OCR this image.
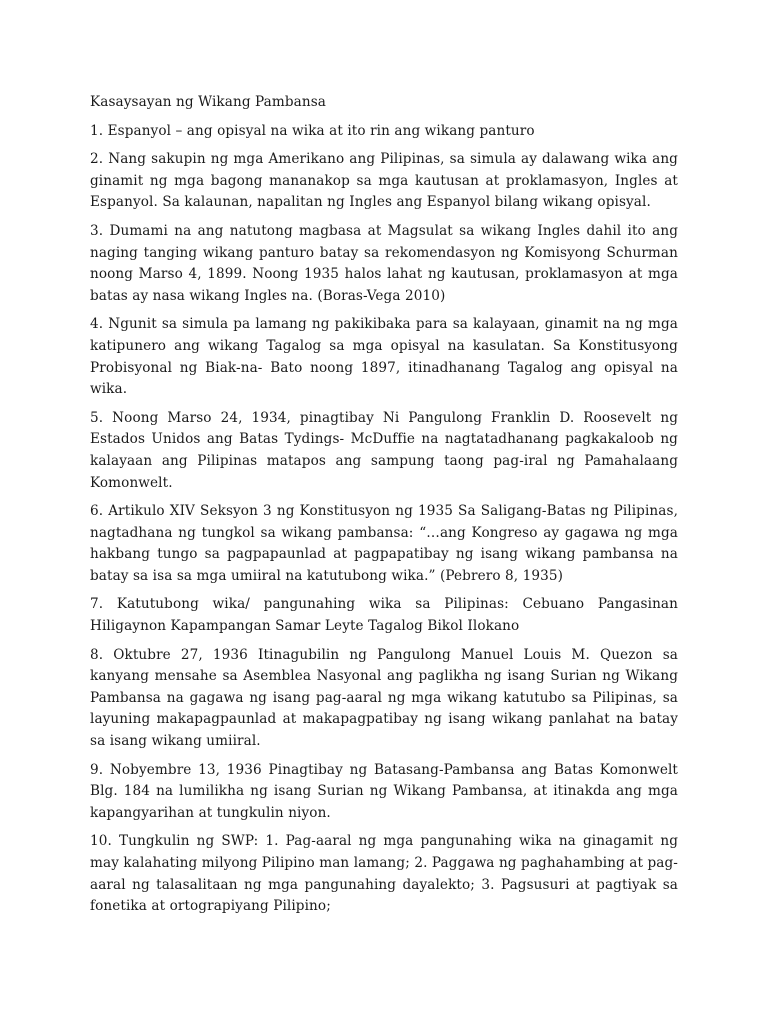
Kasaysayan ng Wikang Pambansa

1. Espanyol – ang opisyal na wika at ito rin ang wikang panturo

2. Nang sakupin ng mga Amerikano ang Pilipinas, sa simula ay dalawang wika ang ginamit ng mga bagong mananakop sa mga kautusan at proklamasyon, Ingles at Espanyol. Sa kalaunan, napalitan ng Ingles ang Espanyol bilang wikang opisyal.

3. Dumami na ang natutong magbasa at Magsulat sa wikang Ingles dahil ito ang naging tanging wikang panturo batay sa rekomendasyon ng Komisyong Schurman noong Marso 4, 1899. Noong 1935 halos lahat ng kautusan, proklamasyon at mga batas ay nasa wikang Ingles na. (Boras-Vega 2010)

4. Ngunit sa simula pa lamang ng pakikibaka para sa kalayaan, ginamit na ng mga katipunero ang wikang Tagalog sa mga opisyal na kasulatan. Sa Konstitusyong Probisyonal ng Biak-na- Bato noong 1897, itinadhanang Tagalog ang opisyal na wika.

5. Noong Marso 24, 1934, pinagtibay Ni Pangulong Franklin D. Roosevelt ng Estados Unidos ang Batas Tydings- McDuffie na nagtatadhanang pagkakaloob ng kalayaan ang Pilipinas matapos ang sampung taong pag-iral ng Pamahalaang Komonwelt.

6. Artikulo XIV Seksyon 3 ng Konstitusyon ng 1935 Sa Saligang-Batas ng Pilipinas, nagtadhana ng tungkol sa wikang pambansa: “…ang Kongreso ay gagawa ng mga hakbang tungo sa pagpapaunlad at pagpapatibay ng isang wikang pambansa na batay sa isa sa mga umiiral na katutubong wika.” (Pebrero 8, 1935)

7. Katutubong wika/ pangunahing wika sa Pilipinas: Cebuano Pangasinan Hiligaynon Kapampangan Samar Leyte Tagalog Bikol Ilokano

8. Oktubre 27, 1936 Itinagubilin ng Pangulong Manuel Louis M. Quezon sa kanyang mensahe sa Asemblea Nasyonal ang paglikha ng isang Surian ng Wikang Pambansa na gagawa ng isang pag-aaral ng mga wikang katutubo sa Pilipinas, sa layuning makapagpaunlad at makapagpatibay ng isang wikang panlahat na batay sa isang wikang umiiral.

9. Nobyembre 13, 1936 Pinagtibay ng Batasang-Pambansa ang Batas Komonwelt Blg. 184 na lumilikha ng isang Surian ng Wikang Pambansa, at itinakda ang mga kapangyarihan at tungkulin niyon.

10. Tungkulin ng SWP: 1. Pag-aaral ng mga pangunahing wika na ginagamit ng may kalahating milyong Pilipino man lamang; 2. Paggawa ng paghahambing at pag- aaral ng talasalitaan ng mga pangunahing dayalekto; 3. Pagsusuri at pagtiyak sa fonetika at ortograpiyang Pilipino;
